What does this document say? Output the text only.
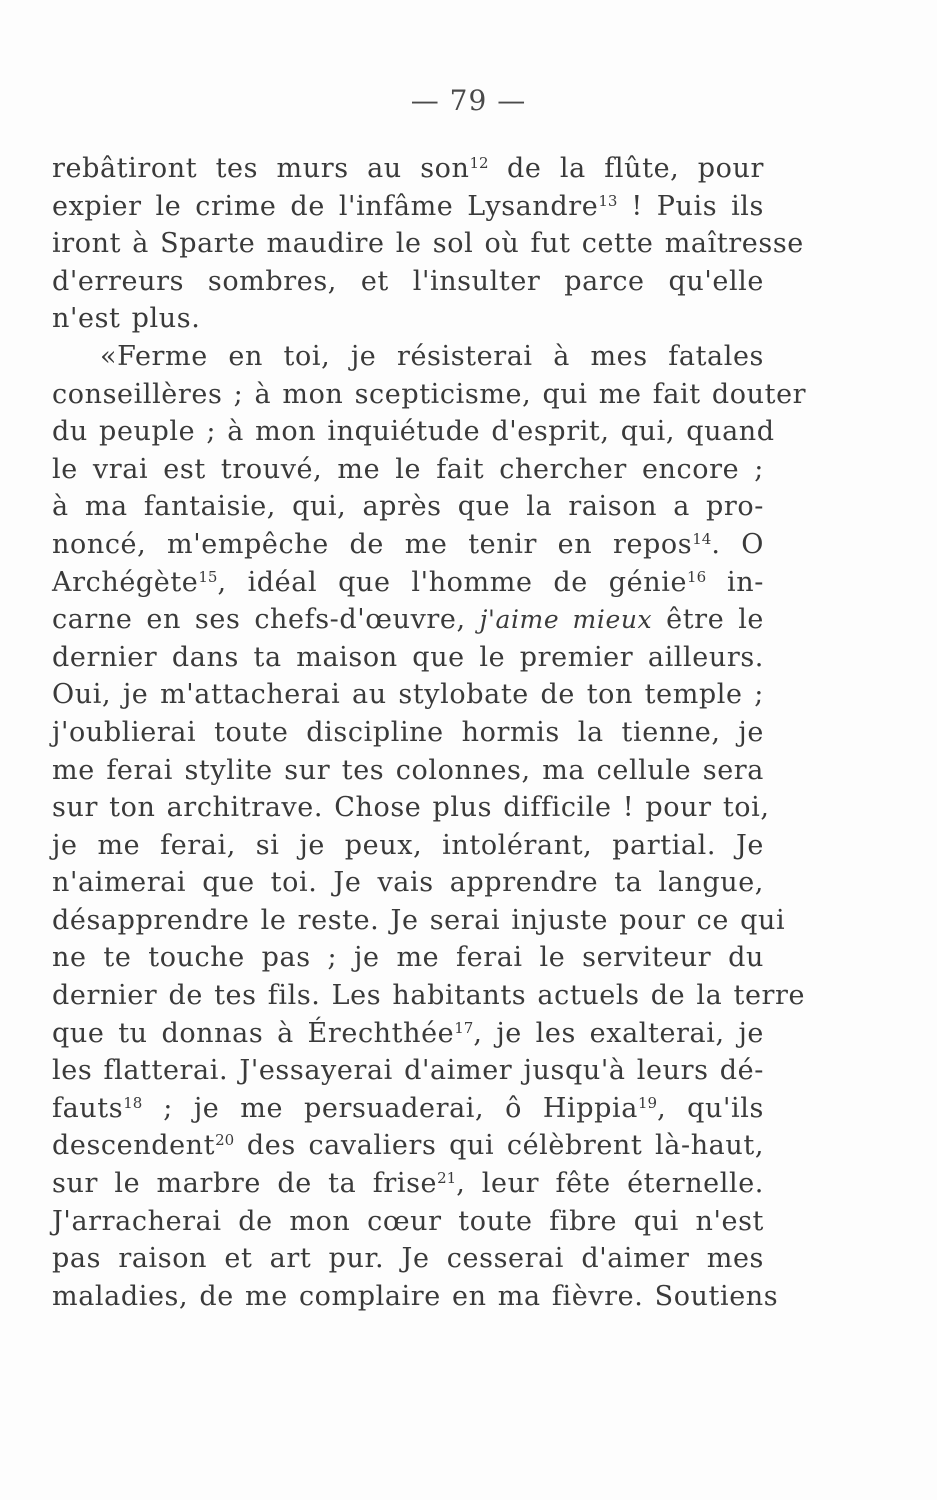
— 79 —
rebâtiront tes murs au son$^{12}$ de la flûte, pour
expier le crime de l'infâme Lysandre$^{13}$ ! Puis ils
iront à Sparte maudire le sol où fut cette maîtresse
d'erreurs sombres, et l'insulter parce qu'elle
n'est plus.
«Ferme en toi, je résisterai à mes fatales
conseillères ; à mon scepticisme, qui me fait douter
du peuple ; à mon inquiétude d'esprit, qui, quand
le vrai est trouvé, me le fait chercher encore ;
à ma fantaisie, qui, après que la raison a pro-
noncé, m'empêche de me tenir en repos$^{14}$. O
Archégète$^{15}$, idéal que l'homme de génie$^{16}$ in-
carne en ses chefs-d'œuvre, j'aime mieux être le
dernier dans ta maison que le premier ailleurs.
Oui, je m'attacherai au stylobate de ton temple ;
j'oublierai toute discipline hormis la tienne, je
me ferai stylite sur tes colonnes, ma cellule sera
sur ton architrave. Chose plus difficile ! pour toi,
je me ferai, si je peux, intolérant, partial. Je
n'aimerai que toi. Je vais apprendre ta langue,
désapprendre le reste. Je serai injuste pour ce qui
ne te touche pas ; je me ferai le serviteur du
dernier de tes fils. Les habitants actuels de la terre
que tu donnas à Érechthée$^{17}$, je les exalterai, je
les flatterai. J'essayerai d'aimer jusqu'à leurs dé-
fauts$^{18}$ ; je me persuaderai, ô Hippia$^{19}$, qu'ils
descendent$^{20}$ des cavaliers qui célèbrent là-haut,
sur le marbre de ta frise$^{21}$, leur fête éternelle.
J'arracherai de mon cœur toute fibre qui n'est
pas raison et art pur. Je cesserai d'aimer mes
maladies, de me complaire en ma fièvre. Soutiens
